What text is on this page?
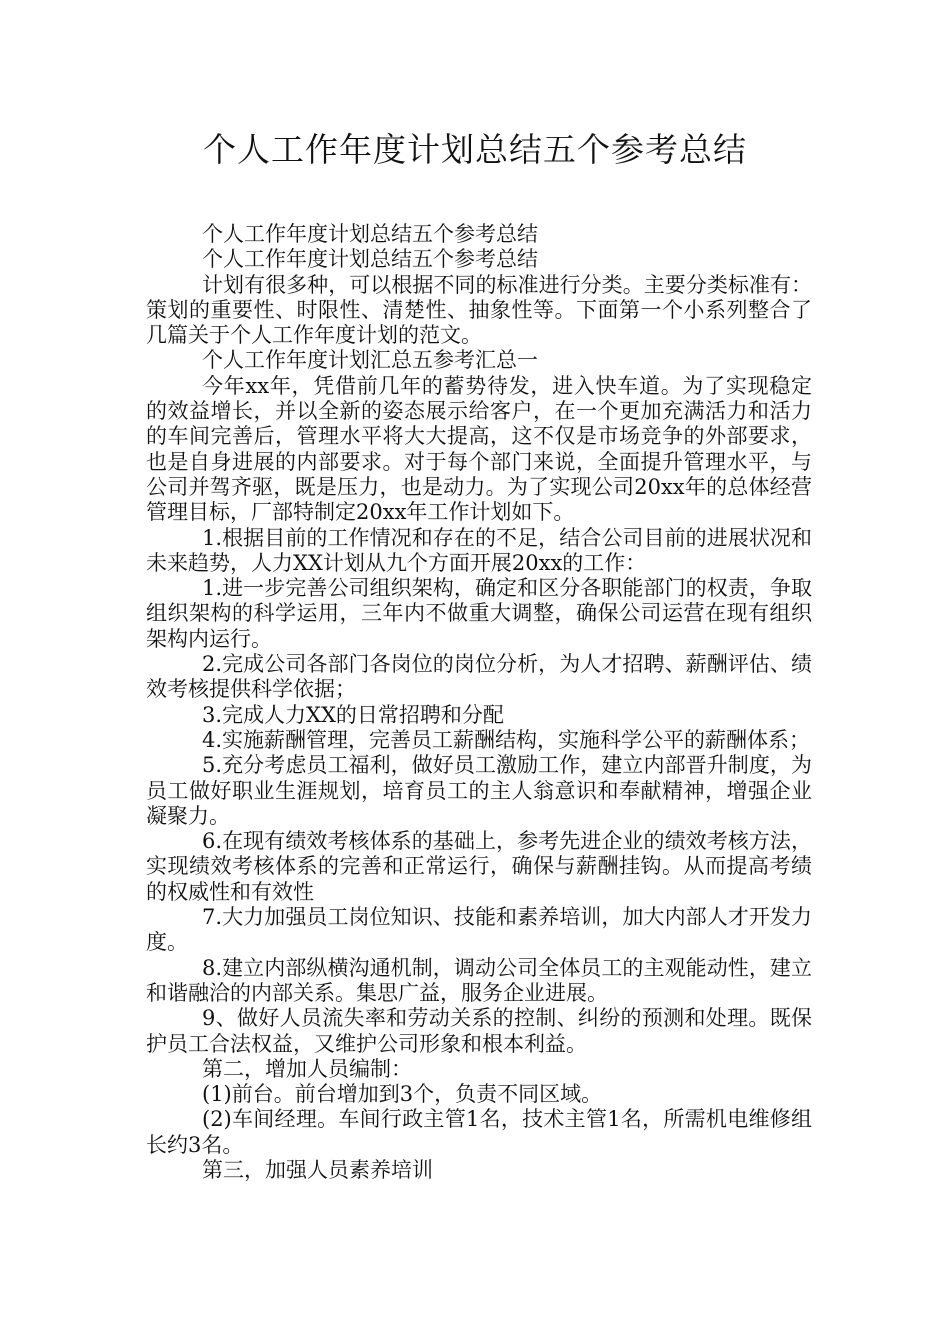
个人工作年度计划总结五个参考总结

个人工作年度计划总结五个参考总结

个人工作年度计划总结五个参考总结

计划有很多种，可以根据不同的标准进行分类。主要分类标准有：策划的重要性、时限性、清楚性、抽象性等。下面第一个小系列整合了几篇关于个人工作年度计划的范文。

个人工作年度计划汇总五参考汇总一

今年xx年，凭借前几年的蓄势待发，进入快车道。为了实现稳定的效益增长，并以全新的姿态展示给客户，在一个更加充满活力和活力的车间完善后，管理水平将大大提高，这不仅是市场竞争的外部要求，也是自身进展的内部要求。对于每个部门来说，全面提升管理水平，与公司并驾齐驱，既是压力，也是动力。为了实现公司20xx年的总体经营管理目标，厂部特制定20xx年工作计划如下。

1.根据目前的工作情况和存在的不足，结合公司目前的进展状况和未来趋势，人力XX计划从九个方面开展20xx的工作：

1.进一步完善公司组织架构，确定和区分各职能部门的权责，争取组织架构的科学运用，三年内不做重大调整，确保公司运营在现有组织架构内运行。

2.完成公司各部门各岗位的岗位分析，为人才招聘、薪酬评估、绩效考核提供科学依据；

3.完成人力XX的日常招聘和分配

4.实施薪酬管理，完善员工薪酬结构，实施科学公平的薪酬体系；

5.充分考虑员工福利，做好员工激励工作，建立内部晋升制度，为员工做好职业生涯规划，培育员工的主人翁意识和奉献精神，增强企业凝聚力。

6.在现有绩效考核体系的基础上，参考先进企业的绩效考核方法，实现绩效考核体系的完善和正常运行，确保与薪酬挂钩。从而提高考绩的权威性和有效性

7.大力加强员工岗位知识、技能和素养培训，加大内部人才开发力度。

8.建立内部纵横沟通机制，调动公司全体员工的主观能动性，建立和谐融洽的内部关系。集思广益，服务企业进展。

9、做好人员流失率和劳动关系的控制、纠纷的预测和处理。既保护员工合法权益，又维护公司形象和根本利益。

第二，增加人员编制：

(1)前台。前台增加到3个，负责不同区域。

(2)车间经理。车间行政主管1名，技术主管1名，所需机电维修组长约3名。

第三，加强人员素养培训
